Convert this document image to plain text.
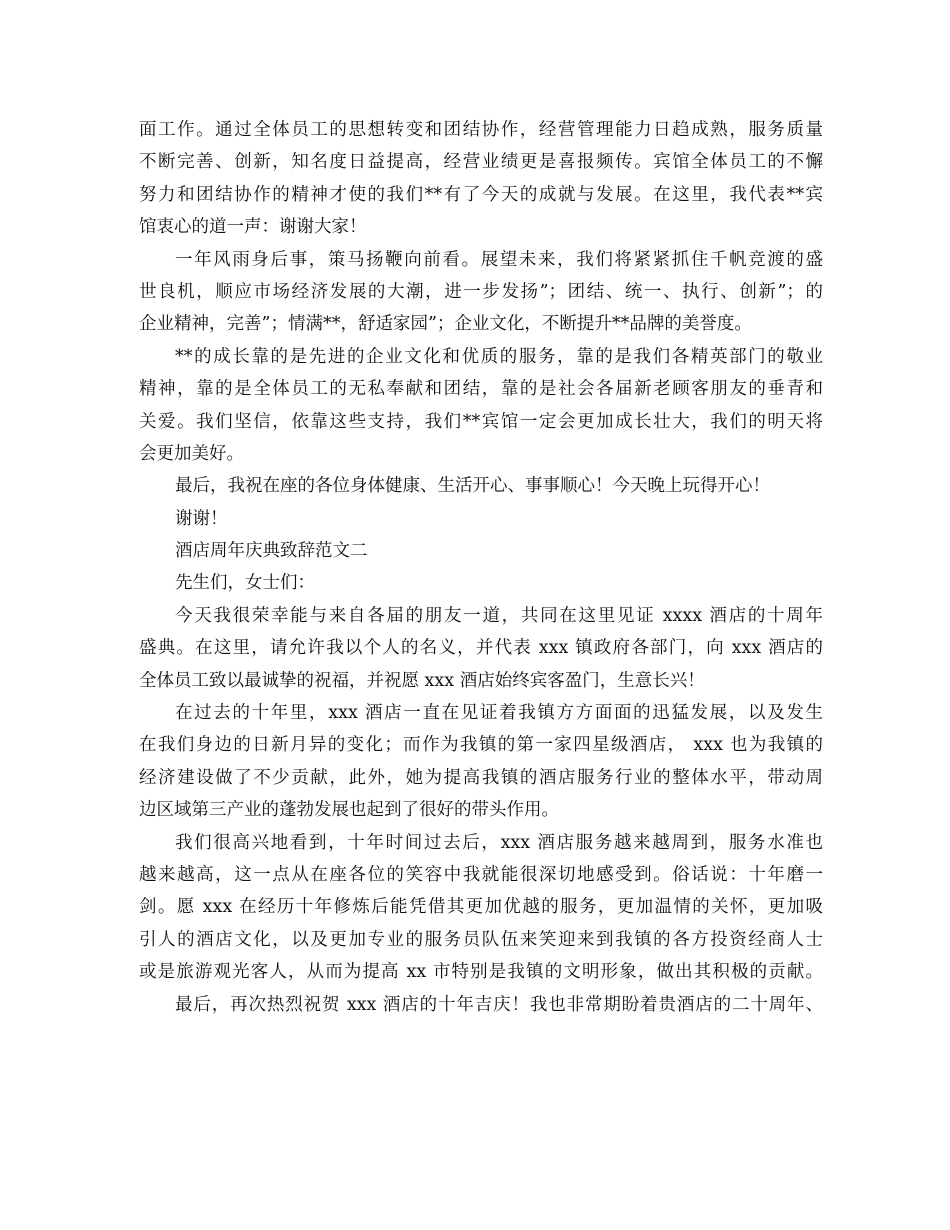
面工作。通过全体员工的思想转变和团结协作，经营管理能力日趋成熟，服务质量
不断完善、创新，知名度日益提高，经营业绩更是喜报频传。宾馆全体员工的不懈
努力和团结协作的精神才使的我们**有了今天的成就与发展。在这里，我代表**宾
馆衷心的道一声：谢谢大家！
一年风雨身后事，策马扬鞭向前看。展望未来，我们将紧紧抓住千帆竞渡的盛
世良机，顺应市场经济发展的大潮，进一步发扬”；团结、统一、执行、创新”；的
企业精神，完善”；情满**，舒适家园”；企业文化，不断提升**品牌的美誉度。
**的成长靠的是先进的企业文化和优质的服务，靠的是我们各精英部门的敬业
精神，靠的是全体员工的无私奉献和团结，靠的是社会各届新老顾客朋友的垂青和
关爱。我们坚信，依靠这些支持，我们**宾馆一定会更加成长壮大，我们的明天将
会更加美好。
最后，我祝在座的各位身体健康、生活开心、事事顺心！今天晚上玩得开心！
谢谢！
酒店周年庆典致辞范文二
先生们，女士们：
今天我很荣幸能与来自各届的朋友一道，共同在这里见证 xxxx 酒店的十周年
盛典。在这里，请允许我以个人的名义，并代表 xxx 镇政府各部门，向 xxx 酒店的
全体员工致以最诚挚的祝福，并祝愿 xxx 酒店始终宾客盈门，生意长兴！
在过去的十年里，xxx 酒店一直在见证着我镇方方面面的迅猛发展，以及发生
在我们身边的日新月异的变化；而作为我镇的第一家四星级酒店， xxx 也为我镇的
经济建设做了不少贡献，此外，她为提高我镇的酒店服务行业的整体水平，带动周
边区域第三产业的蓬勃发展也起到了很好的带头作用。
我们很高兴地看到，十年时间过去后，xxx 酒店服务越来越周到，服务水准也
越来越高，这一点从在座各位的笑容中我就能很深切地感受到。俗话说：十年磨一
剑。愿 xxx 在经历十年修炼后能凭借其更加优越的服务，更加温情的关怀，更加吸
引人的酒店文化，以及更加专业的服务员队伍来笑迎来到我镇的各方投资经商人士
或是旅游观光客人，从而为提高 xx 市特别是我镇的文明形象，做出其积极的贡献。
最后，再次热烈祝贺 xxx 酒店的十年吉庆！我也非常期盼着贵酒店的二十周年、
